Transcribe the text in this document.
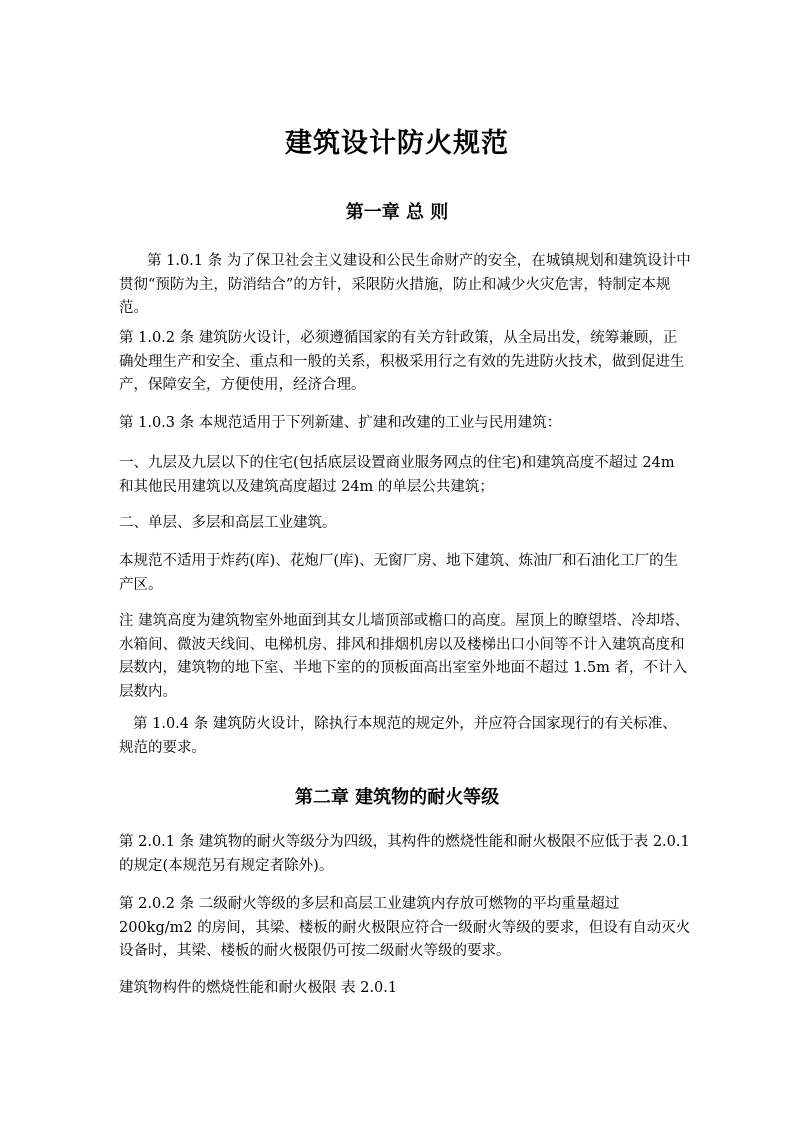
建筑设计防火规范
第一章 总 则

第 1.0.1 条 为了保卫社会主义建设和公民生命财产的安全，在城镇规划和建筑设计中贯彻“预防为主，防消结合”的方针，采限防火措施，防止和减少火灾危害，特制定本规范。

第 1.0.2 条 建筑防火设计，必须遵循国家的有关方针政策，从全局出发，统筹兼顾，正确处理生产和安全、重点和一般的关系，积极采用行之有效的先进防火技术，做到促进生产，保障安全，方便使用，经济合理。

第 1.0.3 条 本规范适用于下列新建、扩建和改建的工业与民用建筑：

一、九层及九层以下的住宅(包括底层设置商业服务网点的住宅)和建筑高度不超过 24m 和其他民用建筑以及建筑高度超过 24m 的单层公共建筑；

二、单层、多层和高层工业建筑。

本规范不适用于炸药(库)、花炮厂(库)、无窗厂房、地下建筑、炼油厂和石油化工厂的生产区。

注 建筑高度为建筑物室外地面到其女儿墙顶部或檐口的高度。屋顶上的瞭望塔、冷却塔、水箱间、微波天线间、电梯机房、排风和排烟机房以及楼梯出口小间等不计入建筑高度和层数内，建筑物的地下室、半地下室的的顶板面高出室室外地面不超过 1.5m 者，不计入层数内。

第 1.0.4 条 建筑防火设计，除执行本规范的规定外，并应符合国家现行的有关标准、规范的要求。

第二章 建筑物的耐火等级

第 2.0.1 条 建筑物的耐火等级分为四级，其构件的燃烧性能和耐火极限不应低于表 2.0.1 的规定(本规范另有规定者除外)。

第 2.0.2 条 二级耐火等级的多层和高层工业建筑内存放可燃物的平均重量超过 200kg/m2 的房间，其梁、楼板的耐火极限应符合一级耐火等级的要求，但设有自动灭火设备时，其梁、楼板的耐火极限仍可按二级耐火等级的要求。

建筑物构件的燃烧性能和耐火极限 表 2.0.1
